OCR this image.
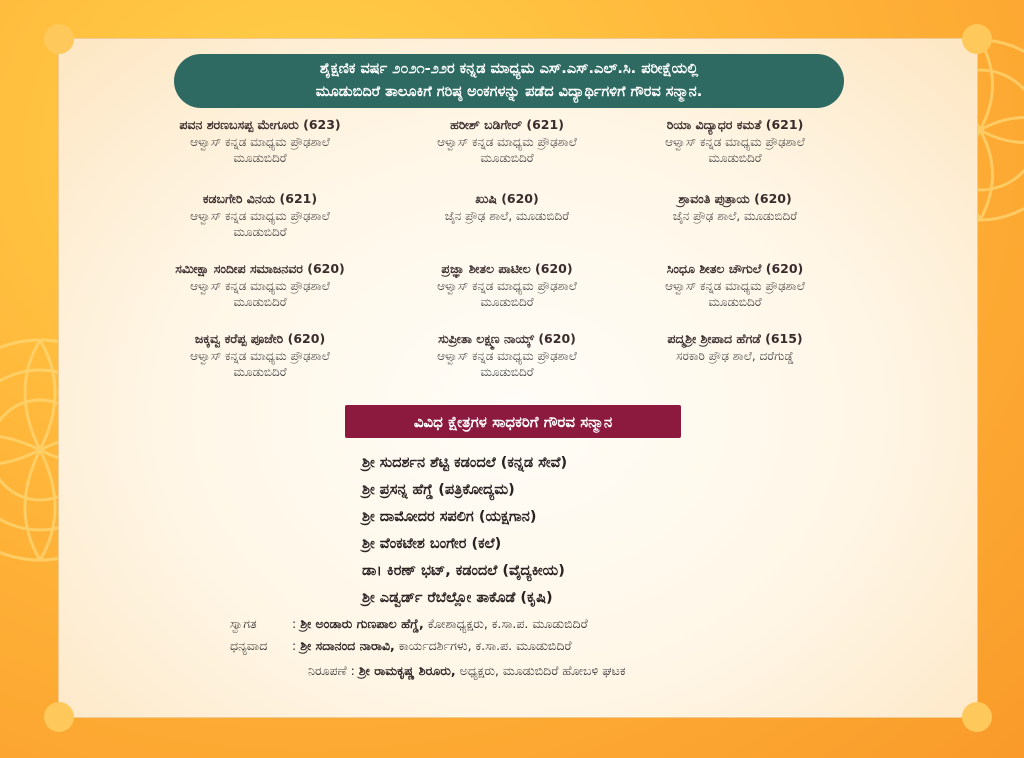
ಶೈಕ್ಷಣಿಕ ವರ್ಷ ೨೦೨೧-೨೨ರ ಕನ್ನಡ ಮಾಧ್ಯಮ ಎಸ್.ಎಸ್.ಎಲ್.ಸಿ. ಪರೀಕ್ಷೆಯಲ್ಲಿ
ಮೂಡುಬಿದಿರೆ ತಾಲೂಕಿಗೆ ಗರಿಷ್ಠ ಅಂಕಗಳನ್ನು ಪಡೆದ ವಿದ್ಯಾರ್ಥಿಗಳಿಗೆ ಗೌರವ ಸನ್ಮಾನ.
ಪವನ ಶರಣಬಸಪ್ಪ ಮೇಗೂರು (623)
ಆಳ್ವಾಸ್ ಕನ್ನಡ ಮಾಧ್ಯಮ ಪ್ರೌಢಶಾಲೆ
ಮೂಡುಬಿದಿರೆ
ಹರೀಶ್ ಬಡಿಗೇರ್ (621)
ಆಳ್ವಾಸ್ ಕನ್ನಡ ಮಾಧ್ಯಮ ಪ್ರೌಢಶಾಲೆ
ಮೂಡುಬಿದಿರೆ
ರಿಯಾ ವಿದ್ಯಾಧರ ಕಮತೆ (621)
ಆಳ್ವಾಸ್ ಕನ್ನಡ ಮಾಧ್ಯಮ ಪ್ರೌಢಶಾಲೆ
ಮೂಡುಬಿದಿರೆ
ಕಡಬಗೇರಿ ವಿನಯ (621)
ಆಳ್ವಾಸ್ ಕನ್ನಡ ಮಾಧ್ಯಮ ಪ್ರೌಢಶಾಲೆ
ಮೂಡುಬಿದಿರೆ
ಖುಷಿ (620)
ಜೈನ ಪ್ರೌಢ ಶಾಲೆ, ಮೂಡುಬಿದಿರೆ
ಶ್ರಾವಂತಿ ಪುತ್ರಾಯ (620)
ಜೈನ ಪ್ರೌಢ ಶಾಲೆ, ಮೂಡುಬಿದಿರೆ
ಸಮೀಕ್ಷಾ ಸಂದೀಪ ಸಮಾಜನವರ (620)
ಆಳ್ವಾಸ್ ಕನ್ನಡ ಮಾಧ್ಯಮ ಪ್ರೌಢಶಾಲೆ
ಮೂಡುಬಿದಿರೆ
ಪ್ರಜ್ಞಾ ಶೀತಲ ಪಾಟೀಲ (620)
ಆಳ್ವಾಸ್ ಕನ್ನಡ ಮಾಧ್ಯಮ ಪ್ರೌಢಶಾಲೆ
ಮೂಡುಬಿದಿರೆ
ಸಿಂಧೂ ಶೀತಲ ಚೌಗುಲೆ (620)
ಆಳ್ವಾಸ್ ಕನ್ನಡ ಮಾಧ್ಯಮ ಪ್ರೌಢಶಾಲೆ
ಮೂಡುಬಿದಿರೆ
ಜಕ್ಕವ್ವ ಕರೆಪ್ಪ ಪೂಜೇರಿ (620)
ಆಳ್ವಾಸ್ ಕನ್ನಡ ಮಾಧ್ಯಮ ಪ್ರೌಢಶಾಲೆ
ಮೂಡುಬಿದಿರೆ
ಸುಪ್ರೀತಾ ಲಕ್ಷ್ಮಣ ನಾಯ್ಕ್ (620)
ಆಳ್ವಾಸ್ ಕನ್ನಡ ಮಾಧ್ಯಮ ಪ್ರೌಢಶಾಲೆ
ಮೂಡುಬಿದಿರೆ
ಪದ್ಮಶ್ರೀ ಶ್ರೀಪಾದ ಹೆಗಡೆ (615)
ಸರಕಾರಿ ಪ್ರೌಢ ಶಾಲೆ, ದರೆಗುಡ್ಡೆ
ವಿವಿಧ ಕ್ಷೇತ್ರಗಳ ಸಾಧಕರಿಗೆ ಗೌರವ ಸನ್ಮಾನ
ಶ್ರೀ ಸುದರ್ಶನ ಶೆಟ್ಟಿ ಕಡಂದಲೆ (ಕನ್ನಡ ಸೇವೆ)
ಶ್ರೀ ಪ್ರಸನ್ನ ಹೆಗ್ಡೆ (ಪತ್ರಿಕೋದ್ಯಮ)
ಶ್ರೀ ದಾಮೋದರ ಸಪಲಿಗ (ಯಕ್ಷಗಾನ)
ಶ್ರೀ ವೆಂಕಟೇಶ ಬಂಗೇರ (ಕಲೆ)
ಡಾ। ಕಿರಣ್ ಭಟ್, ಕಡಂದಲೆ (ವೈದ್ಯಕೀಯ)
ಶ್ರೀ ಎಡ್ವರ್ಡ್ ರೆಬೆಲ್ಲೋ ತಾಕೊಡೆ (ಕೃಷಿ)
ಸ್ವಾಗತ	: ಶ್ರೀ ಅಂಡಾರು ಗುಣಪಾಲ ಹೆಗ್ಡೆ, ಕೋಶಾಧ್ಯಕ್ಷರು, ಕ.ಸಾ.ಪ. ಮೂಡುಬಿದಿರೆ
ಧನ್ಯವಾದ : ಶ್ರೀ ಸದಾನಂದ ನಾರಾವಿ, ಕಾರ್ಯದರ್ಶಿಗಳು, ಕ.ಸಾ.ಪ. ಮೂಡುಬಿದಿರೆ
ನಿರೂಪಣೆ : ಶ್ರೀ ರಾಮಕೃಷ್ಣ ಶಿರೂರು, ಅಧ್ಯಕ್ಷರು, ಮೂಡುಬಿದಿರೆ ಹೋಬಳಿ ಘಟಕ
